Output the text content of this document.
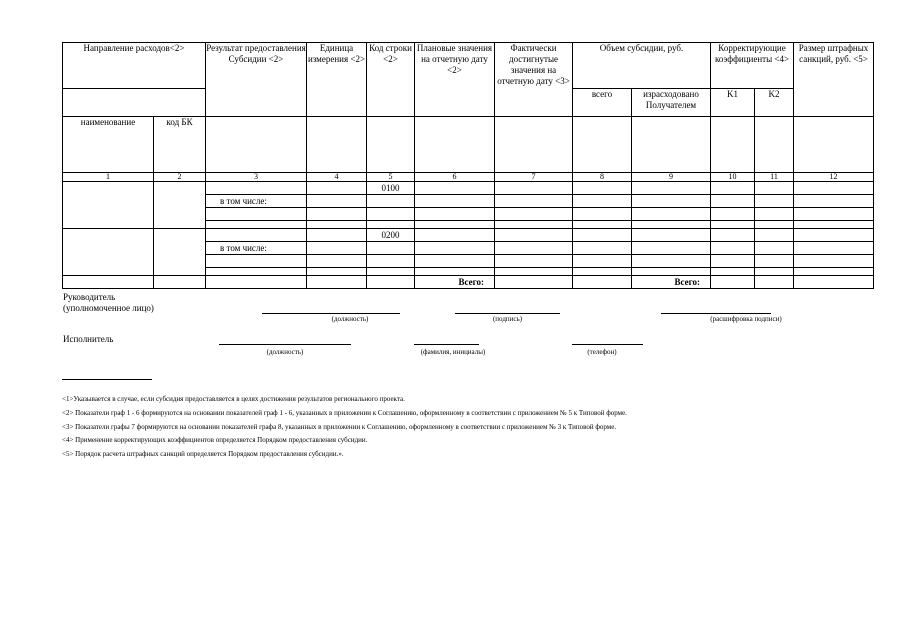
Направление расходов<2>		Результат предоставления Субсидии <2>	Единица измерения <2>	Код строки <2>	Плановые значения на отчетную дату <2>	Фактически достигнутые значения на отчетную дату <3>	Объем субсидии, руб.		Корректирующие коэффициенты <4>		Размер штрафных санкций, руб. <5>
							всего	израсходовано Получателем	K1	K2	

наименование	код БК										
1	2	3	4	5	6	7	8	9	10	11	12
				0100							
		в том числе:									

				0200							
		в том числе:									

					Всего:			Всего:			
Руководитель
(уполномоченное лицо)
(должность)	(подпись)	(расшифровка подписи)
Исполнитель
(должность)	(фамилия, инициалы)	(телефон)
<1>Указывается в случае, если субсидия предоставляется в целях достижения результатов регионального проекта.
<2> Показатели граф 1 - 6 формируются на основании показателей граф 1 - 6, указанных в приложении к Соглашению, оформленному в соответствии с приложением № 5 к Типовой форме.
<3> Показатели графы 7 формируются на основании показателей графа 8, указанных в приложении к Соглашению, оформленному в соответствии с приложением № 3 к Типовой форме.
<4> Применение корректирующих коэффициентов определяется Порядком предоставления субсидии.
<5> Порядок расчета штрафных санкций определяется Порядком предоставления субсидии.».
